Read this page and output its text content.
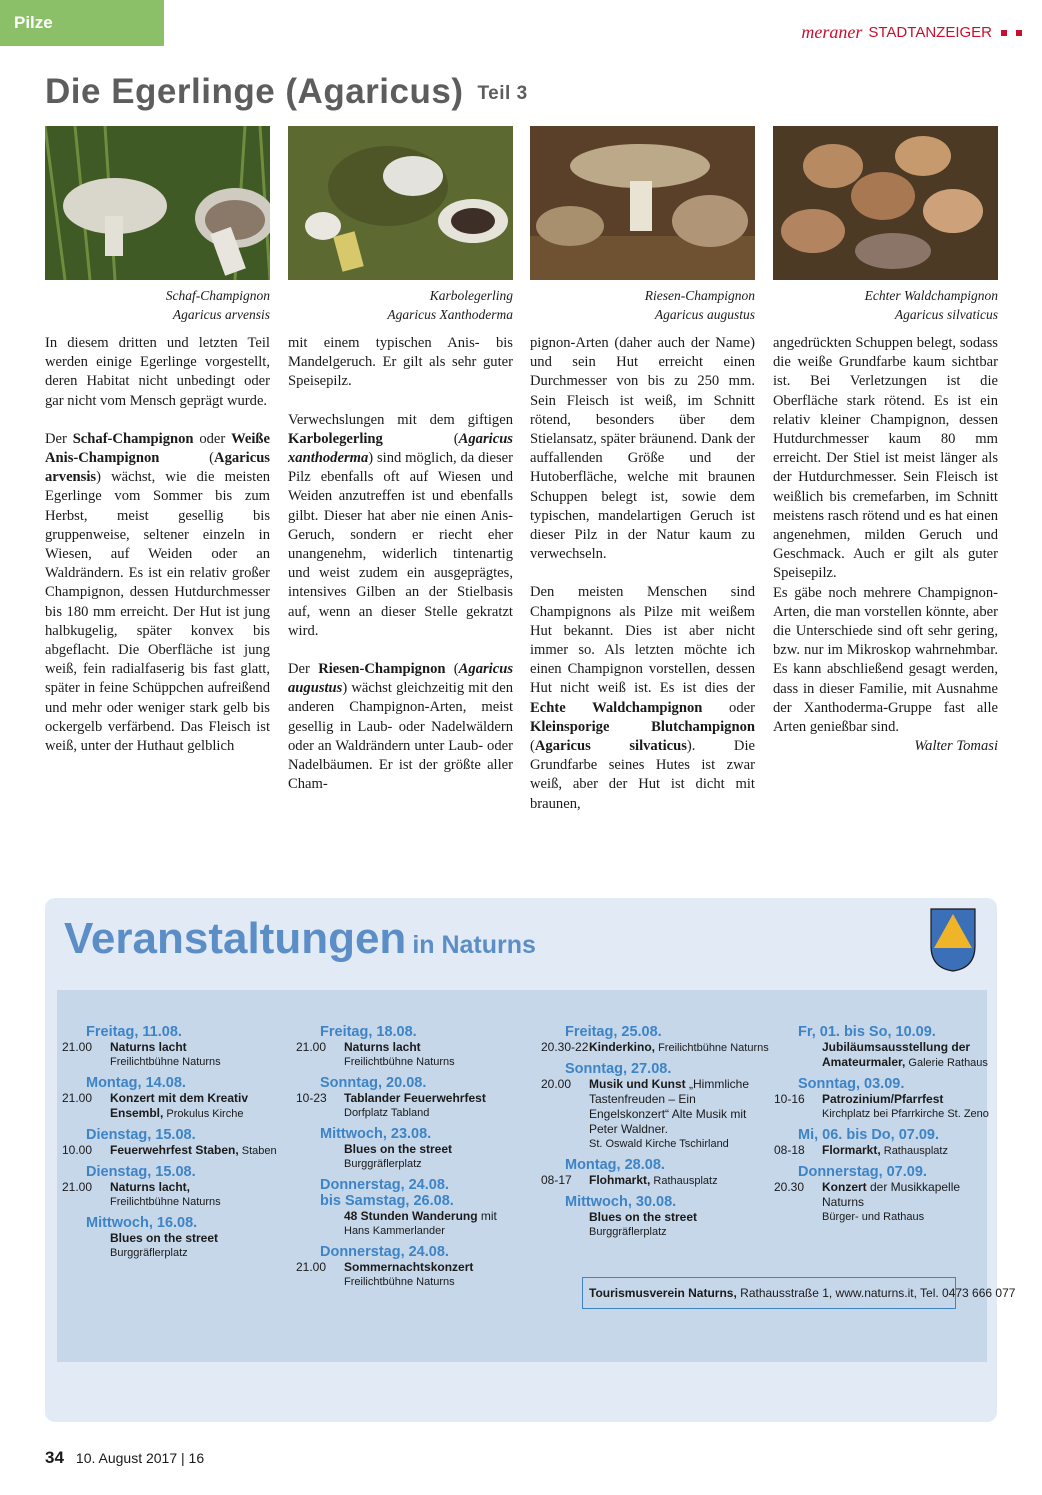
Pilze	meraner STADTANZEIGER
Die Egerlinge (Agaricus) Teil 3
Schaf-Champignon
Agaricus arvensis
Karbolegerling
Agaricus Xanthoderma
Riesen-Champignon
Agaricus augustus
Echter Waldchampignon
Agaricus silvaticus

In diesem dritten und letzten Teil werden einige Egerlinge vorgestellt, deren Habitat nicht unbedingt oder gar nicht vom Mensch geprägt wurde.

Der Schaf-Champignon oder Weiße Anis-Champignon (Agaricus arvensis) wächst, wie die meisten Egerlinge vom Sommer bis zum Herbst, meist gesellig bis gruppenweise, seltener einzeln in Wiesen, auf Weiden oder an Waldrändern. Es ist ein relativ großer Champignon, dessen Hutdurchmesser bis 180 mm erreicht. Der Hut ist jung halbkugelig, später konvex bis abgeflacht. Die Oberfläche ist jung weiß, fein radialfaserig bis fast glatt, später in feine Schüppchen aufreißend und mehr oder weniger stark gelb bis ockergelb verfärbend. Das Fleisch ist weiß, unter der Huthaut gelblich

mit einem typischen Anis- bis Mandelgeruch. Er gilt als sehr guter Speisepilz.

Verwechslungen mit dem giftigen Karbolegerling (Agaricus xanthoderma) sind möglich, da dieser Pilz ebenfalls oft auf Wiesen und Weiden anzutreffen ist und ebenfalls gilbt. Dieser hat aber nie einen Anis-Geruch, sondern er riecht eher unangenehm, widerlich tintenartig und weist zudem ein ausgeprägtes, intensives Gilben an der Stielbasis auf, wenn an dieser Stelle gekratzt wird.

Der Riesen-Champignon (Agaricus augustus) wächst gleichzeitig mit den anderen Champignon-Arten, meist gesellig in Laub- oder Nadelwäldern oder an Waldrändern unter Laub- oder Nadelbäumen. Er ist der größte aller Cham-

pignon-Arten (daher auch der Name) und sein Hut erreicht einen Durchmesser von bis zu 250 mm. Sein Fleisch ist weiß, im Schnitt rötend, besonders über dem Stielansatz, später bräunend. Dank der auffallenden Größe und der Hutoberfläche, welche mit braunen Schuppen belegt ist, sowie dem typischen, mandelartigen Geruch ist dieser Pilz in der Natur kaum zu verwechseln.

Den meisten Menschen sind Champignons als Pilze mit weißem Hut bekannt. Dies ist aber nicht immer so. Als letzten möchte ich einen Champignon vorstellen, dessen Hut nicht weiß ist. Es ist dies der Echte Waldchampignon oder Kleinsporige Blutchampignon (Agaricus silvaticus). Die Grundfarbe seines Hutes ist zwar weiß, aber der Hut ist dicht mit braunen,

angedrückten Schuppen belegt, sodass die weiße Grundfarbe kaum sichtbar ist. Bei Verletzungen ist die Oberfläche stark rötend. Es ist ein relativ kleiner Champignon, dessen Hutdurchmesser kaum 80 mm erreicht. Der Stiel ist meist länger als der Hutdurchmesser. Sein Fleisch ist weißlich bis cremefarben, im Schnitt meistens rasch rötend und es hat einen angenehmen, milden Geruch und Geschmack. Auch er gilt als guter Speisepilz.

Es gäbe noch mehrere Champignon-Arten, die man vorstellen könnte, aber die Unterschiede sind oft sehr gering, bzw. nur im Mikroskop wahrnehmbar. Es kann abschließend gesagt werden, dass in dieser Familie, mit Ausnahme der Xanthoderma-Gruppe fast alle Arten genießbar sind.

Walter Tomasi
Veranstaltungen in Naturns
Freitag, 11.08.
21.00	Naturns lacht
Freilichtbühne Naturns
Montag, 14.08.
21.00	Konzert mit dem Kreativ Ensembl, Prokulus Kirche
Dienstag, 15.08.
10.00	Feuerwehrfest Staben, Staben
Dienstag, 15.08.
21.00	Naturns lacht,
Freilichtbühne Naturns
Mittwoch, 16.08.
Blues on the street
Burggräflerplatz
Freitag, 18.08.
21.00	Naturns lacht
Freilichtbühne Naturns
Sonntag, 20.08.
10-23	Tablander Feuerwehrfest
Dorfplatz Tabland
Mittwoch, 23.08.
Blues on the street
Burggräflerplatz
Donnerstag, 24.08.
bis Samstag, 26.08.
48 Stunden Wanderung mit
Hans Kammerlander
Donnerstag, 24.08.
21.00	Sommernachtskonzert
Freilichtbühne Naturns
Freitag, 25.08.
20.30-22 Kinderkino, Freilichtbühne Naturns
Sonntag, 27.08.
20.00	Musik und Kunst „Himmliche Tastenfreuden – Ein Engelskonzert“ Alte Musik mit Peter Waldner.
St. Oswald Kirche Tschirland
Montag, 28.08.
08-17	Flohmarkt, Rathausplatz
Mittwoch, 30.08.
Blues on the street
Burggräflerplatz
Fr, 01. bis So, 10.09.
Jubiläumsausstellung der Amateurmaler, Galerie Rathaus
Sonntag, 03.09.
10-16	Patrozinium/Pfarrfest
Kirchplatz bei Pfarrkirche St. Zeno
Mi, 06. bis Do, 07.09.
08-18	Flormarkt, Rathausplatz
Donnerstag, 07.09.
20.30	Konzert der Musikkapelle Naturns
Bürger- und Rathaus
Tourismusverein Naturns, Rathausstraße 1, www.naturns.it, Tel. 0473 666 077
34 10. August 2017 | 16
